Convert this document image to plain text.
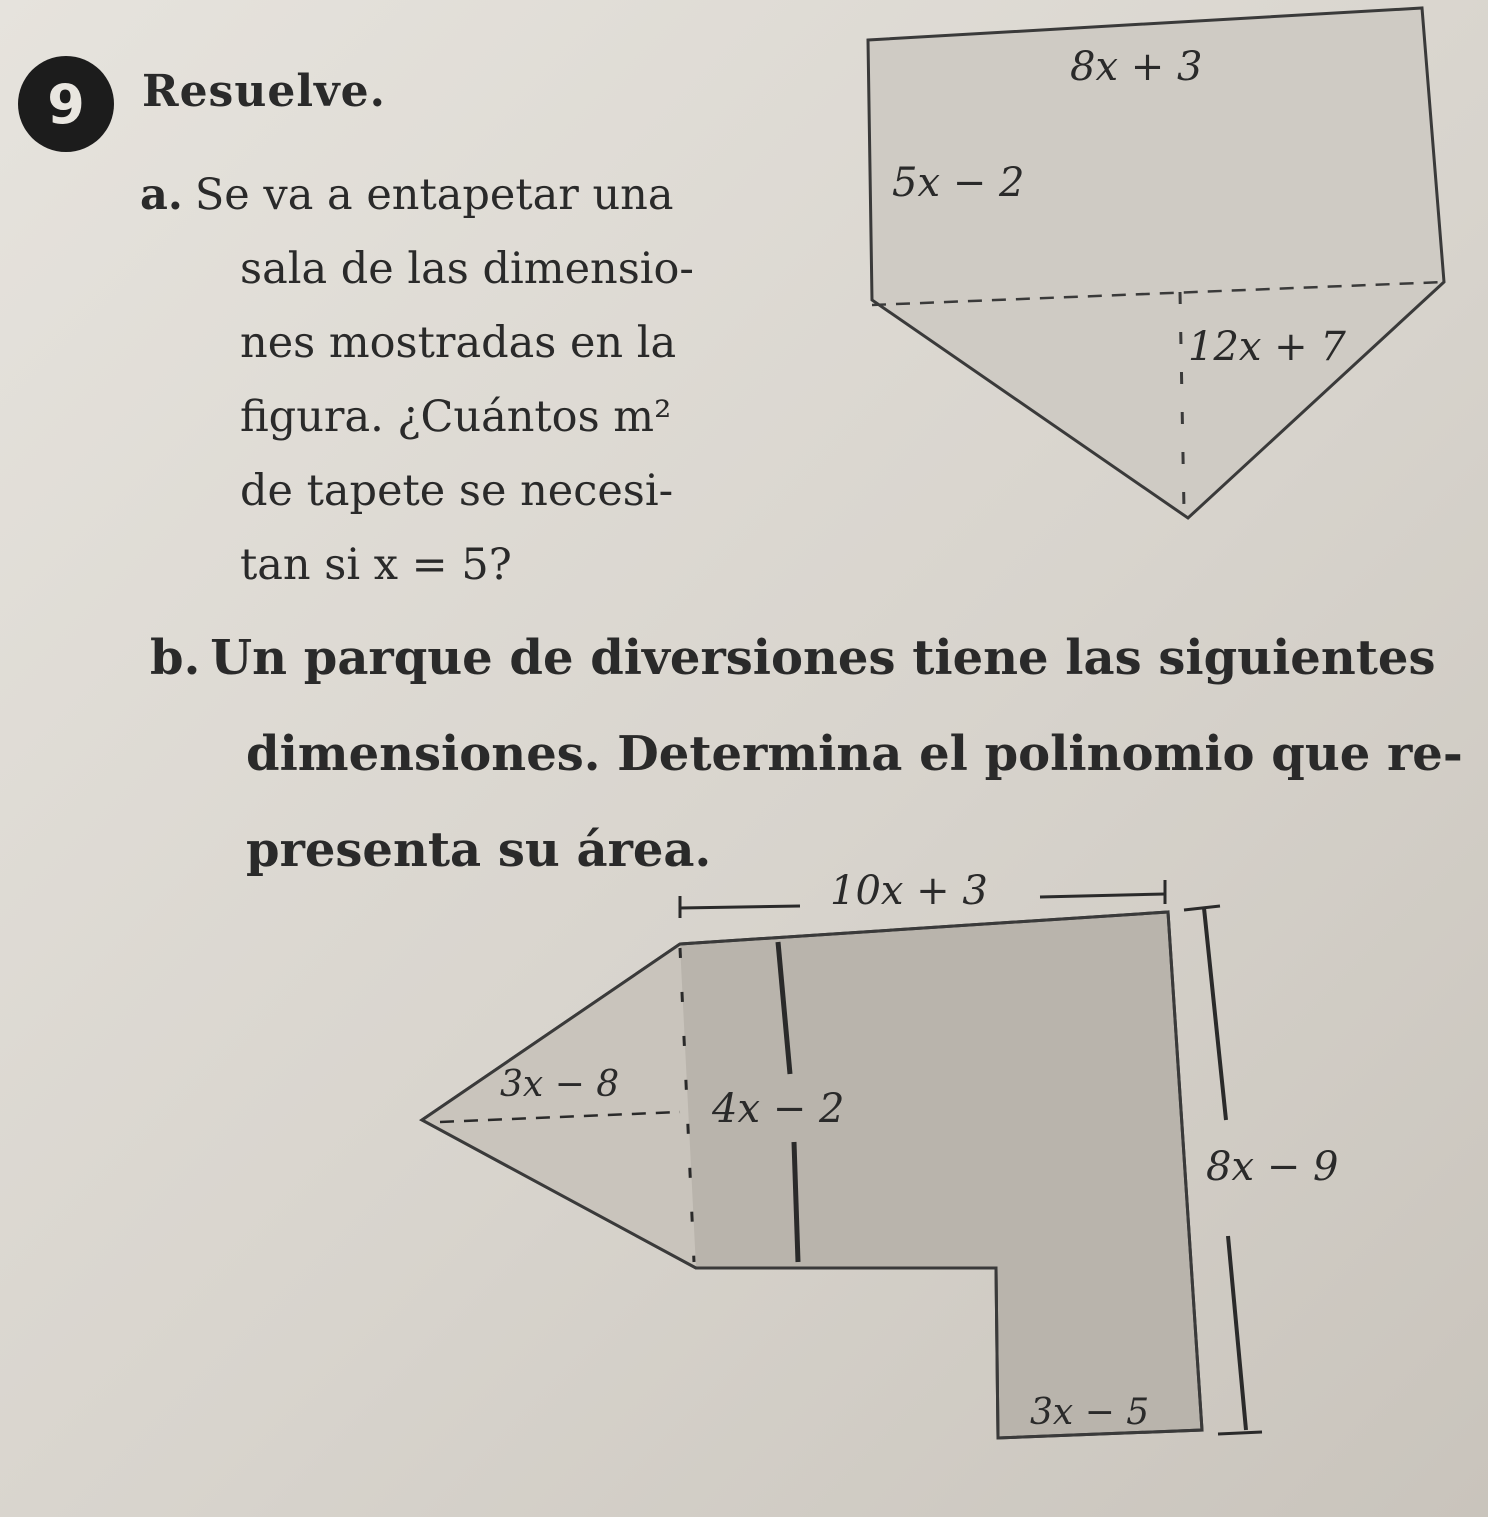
9	Resuelve.
a. Se va a entapetar una
sala de las dimensio-
nes mostradas en la
figura. ¿Cuántos m²
de tapete se necesi-
tan si x = 5?
b. Un parque de diversiones tiene las siguientes
dimensiones. Determina el polinomio que re-
presenta su área.
8x + 3
5x − 2
12x + 7
10x + 3
3x − 8
4x − 2
8x − 9
3x − 5
